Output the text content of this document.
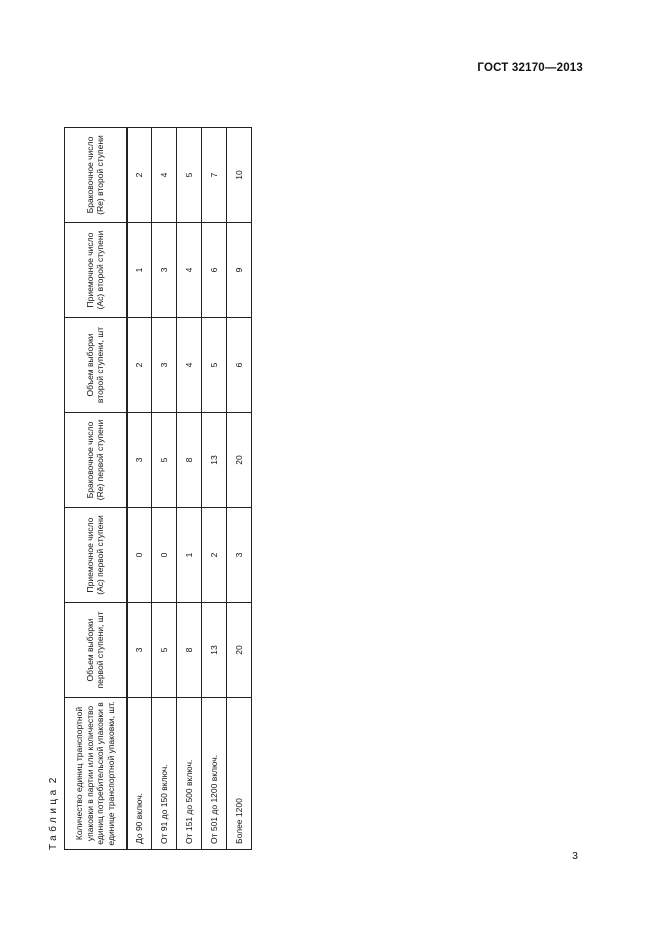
ГОСТ 32170—2013
Таблица2 Количество единиц транспортной упаковки в партии или количество единиц потребительской упаковки в единице транспортной упаковки, шт.	Объем выборки первой ступени, шт	Приемочное число (Ac) первой ступени	Браковочное число (Re) первой ступени	Объем выборки второй ступени, шт	Приемочное число (Ac) второй ступени	Браковочное число (Re) второй ступени
До 90 включ.	3	0	3	2	1	2
От 91 до 150 включ.	5	0	5	3	3	4
От 151 до 500 включ.	8	1	8	4	4	5
От 501 до 1200 включ.	13	2	13	5	6	7
Более 1200	20	3	20	6	9	10
3
